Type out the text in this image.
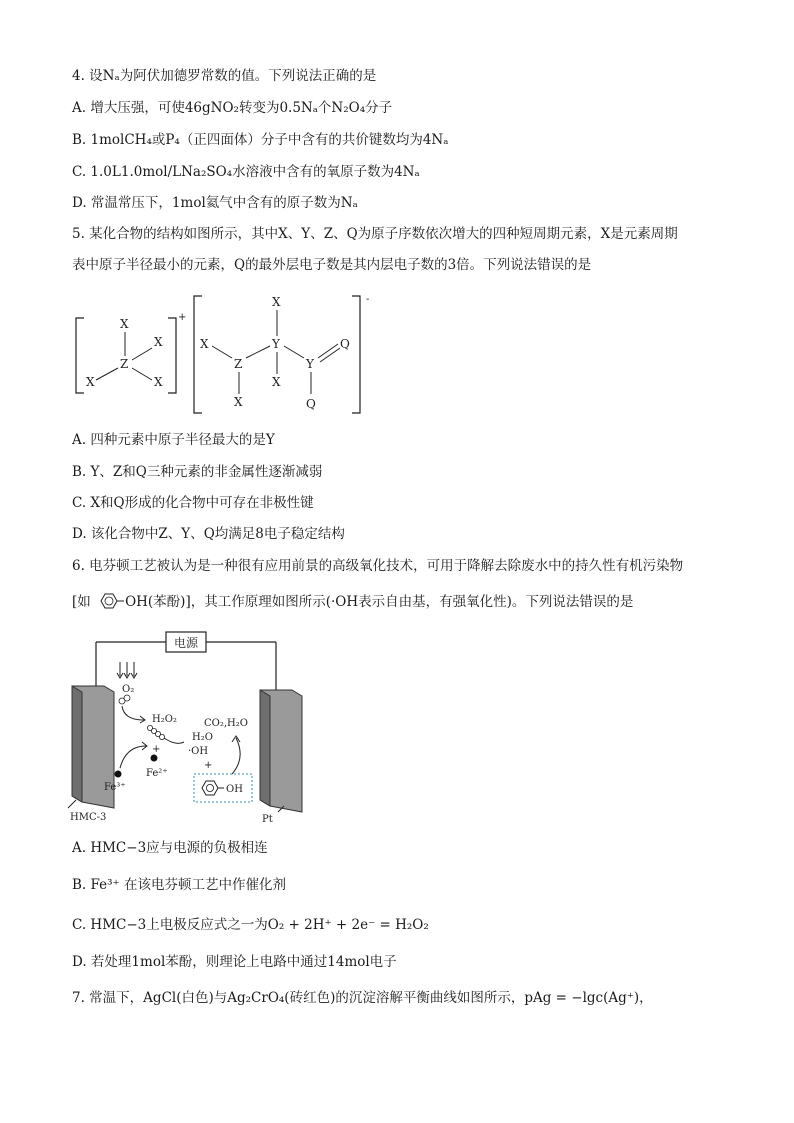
4. 设Nₐ为阿伏加德罗常数的值。下列说法正确的是
A. 增大压强，可使46gNO₂转变为0.5Nₐ个N₂O₄分子
B. 1molCH₄或P₄（正四面体）分子中含有的共价键数均为4Nₐ
C. 1.0L1.0mol/LNa₂SO₄水溶液中含有的氧原子数为4Nₐ
D. 常温常压下，1mol氦气中含有的原子数为Nₐ
5. 某化合物的结构如图所示，其中X、Y、Z、Q为原子序数依次增大的四种短周期元素，X是元素周期
表中原子半径最小的元素，Q的最外层电子数是其内层电子数的3倍。下列说法错误的是
+
X
Z
X
X	X
-
X
Y
X
Z
X
X
Y
Q
Q
A. 四种元素中原子半径最大的是Y
B. Y、Z和Q三种元素的非金属性逐渐减弱
C. X和Q形成的化合物中可存在非极性键
D. 该化合物中Z、Y、Q均满足8电子稳定结构
6. 电芬顿工艺被认为是一种很有应用前景的高级氧化技术，可用于降解去除废水中的持久性有机污染物
[如	OH(苯酚)]，其工作原理如图所示(·OH表示自由基，有强氧化性)。下列说法错误的是
电源
O₂
H₂O₂
+
H₂O
·OH
+
CO₂,H₂O
OH
Fe²⁺
Fe³⁺
HMC-3	Pt
A. HMC−3应与电源的负极相连
B. Fe³⁺ 在该电芬顿工艺中作催化剂
C. HMC−3上电极反应式之一为O₂ + 2H⁺ + 2e⁻ = H₂O₂
D. 若处理1mol苯酚，则理论上电路中通过14mol电子
7. 常温下，AgCl(白色)与Ag₂CrO₄(砖红色)的沉淀溶解平衡曲线如图所示，pAg = −lgc(Ag⁺)，
